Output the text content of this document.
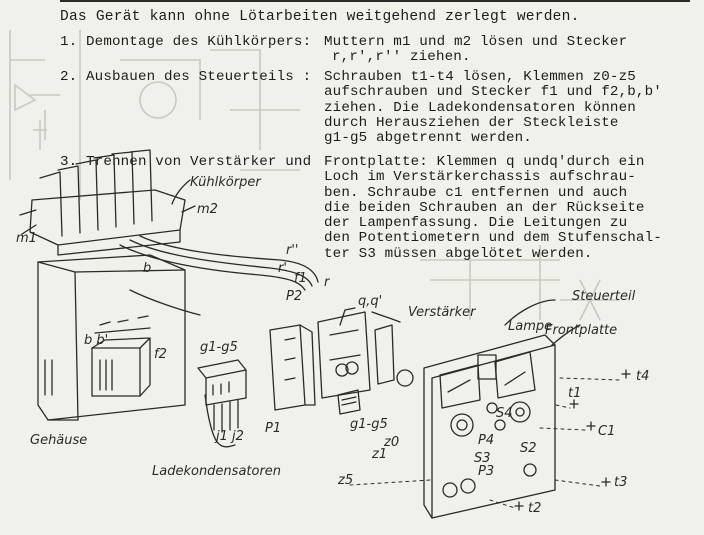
Das Gerät kann ohne Lötarbeiten weitgehend zerlegt werden.
1. Demontage des Kühlkörpers: Muttern m1 und m2 lösen und Stecker
r,r',r'' ziehen.
2. Ausbauen des Steuerteils : Schrauben t1-t4 lösen, Klemmen z0-z5
aufschrauben und Stecker f1 und f2,b,b'
ziehen. Die Ladekondensatoren können
durch Herausziehen der Steckleiste
g1-g5 abgetrennt werden.
3. Trennen von Verstärker und Frontplatte: Klemmen q undq'durch ein
Loch im Verstärkerchassis aufschrau-
ben. Schraube c1 entfernen und auch
die beiden Schrauben an der Rückseite
der Lampenfassung. Die Leitungen zu
den Potentiometern und dem Stufenschal-
ter S3 müssen abgelötet werden.
Kühlkörper
m2
m1
r''
r'
r
f1
P2	q,q'
Verstärker
Steuerteil
Lampe
Frontplatte
t4
t1
C1
t3
t2
S4
S3
S2
P4
P3
P1
g1-g5
g1-g5
z0
z1
z5
j1 j2
b b'
f2
b
Gehäuse
Ladekondensatoren
